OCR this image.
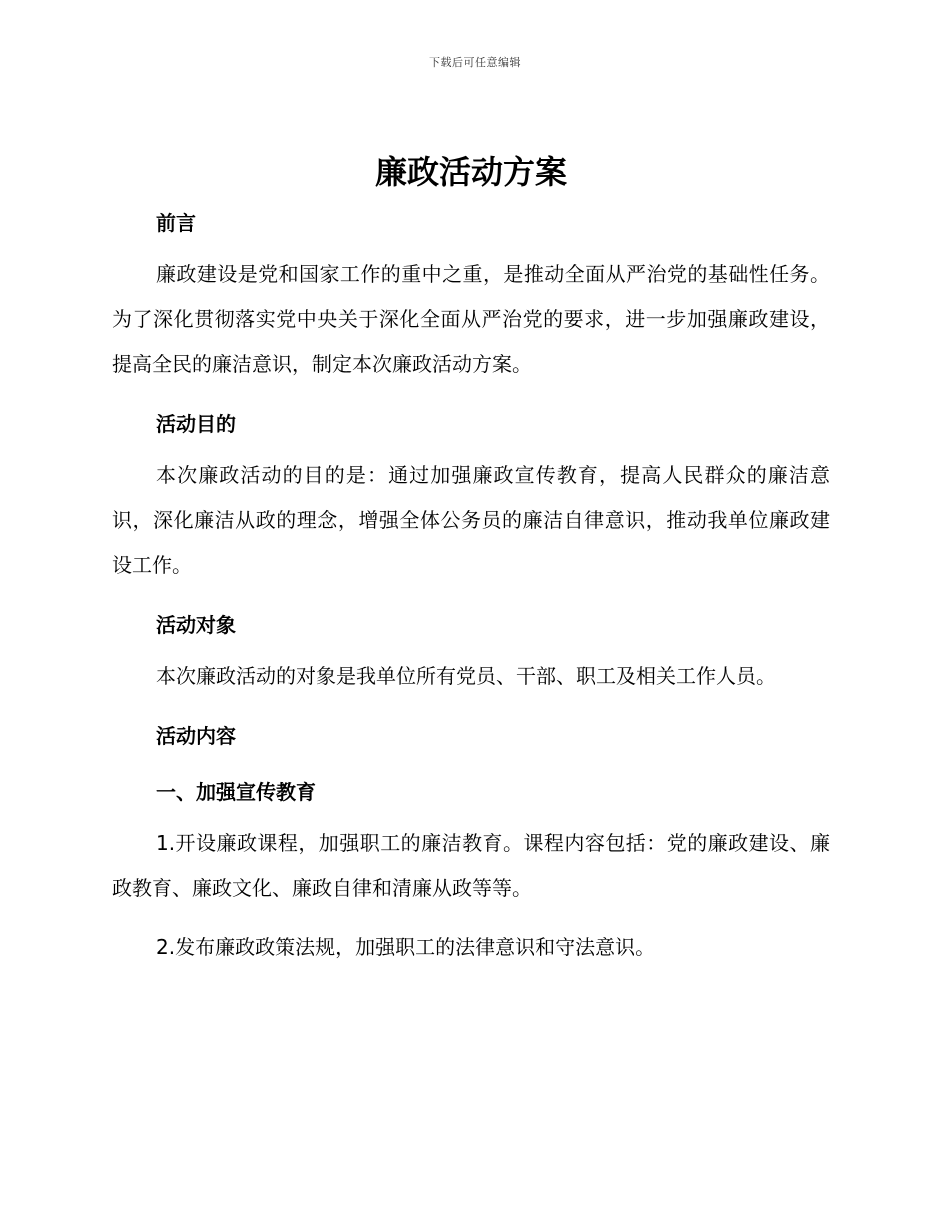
下载后可任意编辑
廉政活动方案
前言

廉政建设是党和国家工作的重中之重，是推动全面从严治党的基础性任务。为了深化贯彻落实党中央关于深化全面从严治党的要求，进一步加强廉政建设，提高全民的廉洁意识，制定本次廉政活动方案。

活动目的

本次廉政活动的目的是：通过加强廉政宣传教育，提高人民群众的廉洁意识，深化廉洁从政的理念，增强全体公务员的廉洁自律意识，推动我单位廉政建设工作。

活动对象

本次廉政活动的对象是我单位所有党员、干部、职工及相关工作人员。

活动内容
一、加强宣传教育

1.开设廉政课程，加强职工的廉洁教育。课程内容包括：党的廉政建设、廉政教育、廉政文化、廉政自律和清廉从政等等。

2.发布廉政政策法规，加强职工的法律意识和守法意识。
